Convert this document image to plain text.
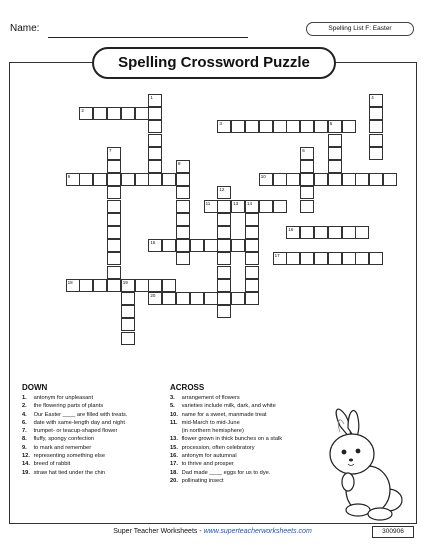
Name:	Spelling List F: Easter
Spelling Crossword Puzzle
1
2
3	5
4
6
7
8
9	10
11	13 14
12
15
16
17
18	19
20
DOWN
1. antonym for unpleasant
2. the flowering parts of plants
4. Our Easter ____ are filled with treats.
6. date with same-length day and night
7. trumpet- or teacup-shaped flower
8. fluffy, spongy confection
9. to mark and remember
12. representing something else
14. breed of rabbit
19. straw hat tied under the chin
ACROSS
3. arrangement of flowers
5. varieties include milk, dark, and white
10. name for a sweet, manmade treat
11. mid-March to mid-June
(in northern hemisphere)
13. flower grown in thick bunches on a stalk
15. procession, often celebratory
16. antonym for autumnal
17. to thrive and prosper
18. Dad made ____ eggs for us to dye.
20. pollinating insect
Super Teacher Worksheets - www.superteacherworksheets.com	300906
